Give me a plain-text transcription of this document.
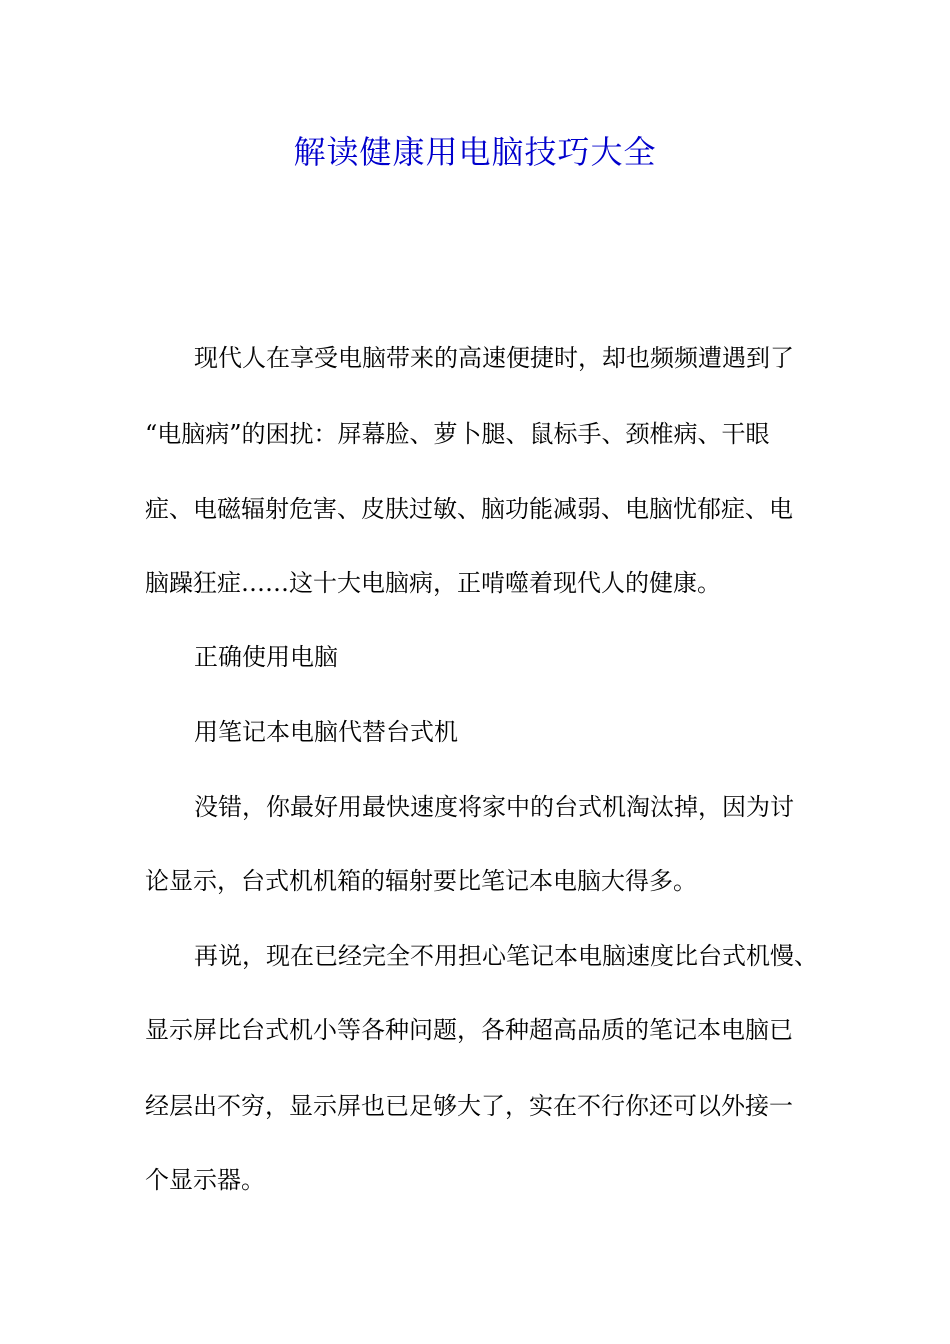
解读健康用电脑技巧大全

现代人在享受电脑带来的高速便捷时，却也频频遭遇到了

“电脑病”的困扰：屏幕脸、萝卜腿、鼠标手、颈椎病、干眼

症、电磁辐射危害、皮肤过敏、脑功能减弱、电脑忧郁症、电

脑躁狂症……这十大电脑病，正啃噬着现代人的健康。

正确使用电脑

用笔记本电脑代替台式机

没错，你最好用最快速度将家中的台式机淘汰掉，因为讨

论显示，台式机机箱的辐射要比笔记本电脑大得多。

再说，现在已经完全不用担心笔记本电脑速度比台式机慢、

显示屏比台式机小等各种问题，各种超高品质的笔记本电脑已

经层出不穷，显示屏也已足够大了，实在不行你还可以外接一

个显示器。
